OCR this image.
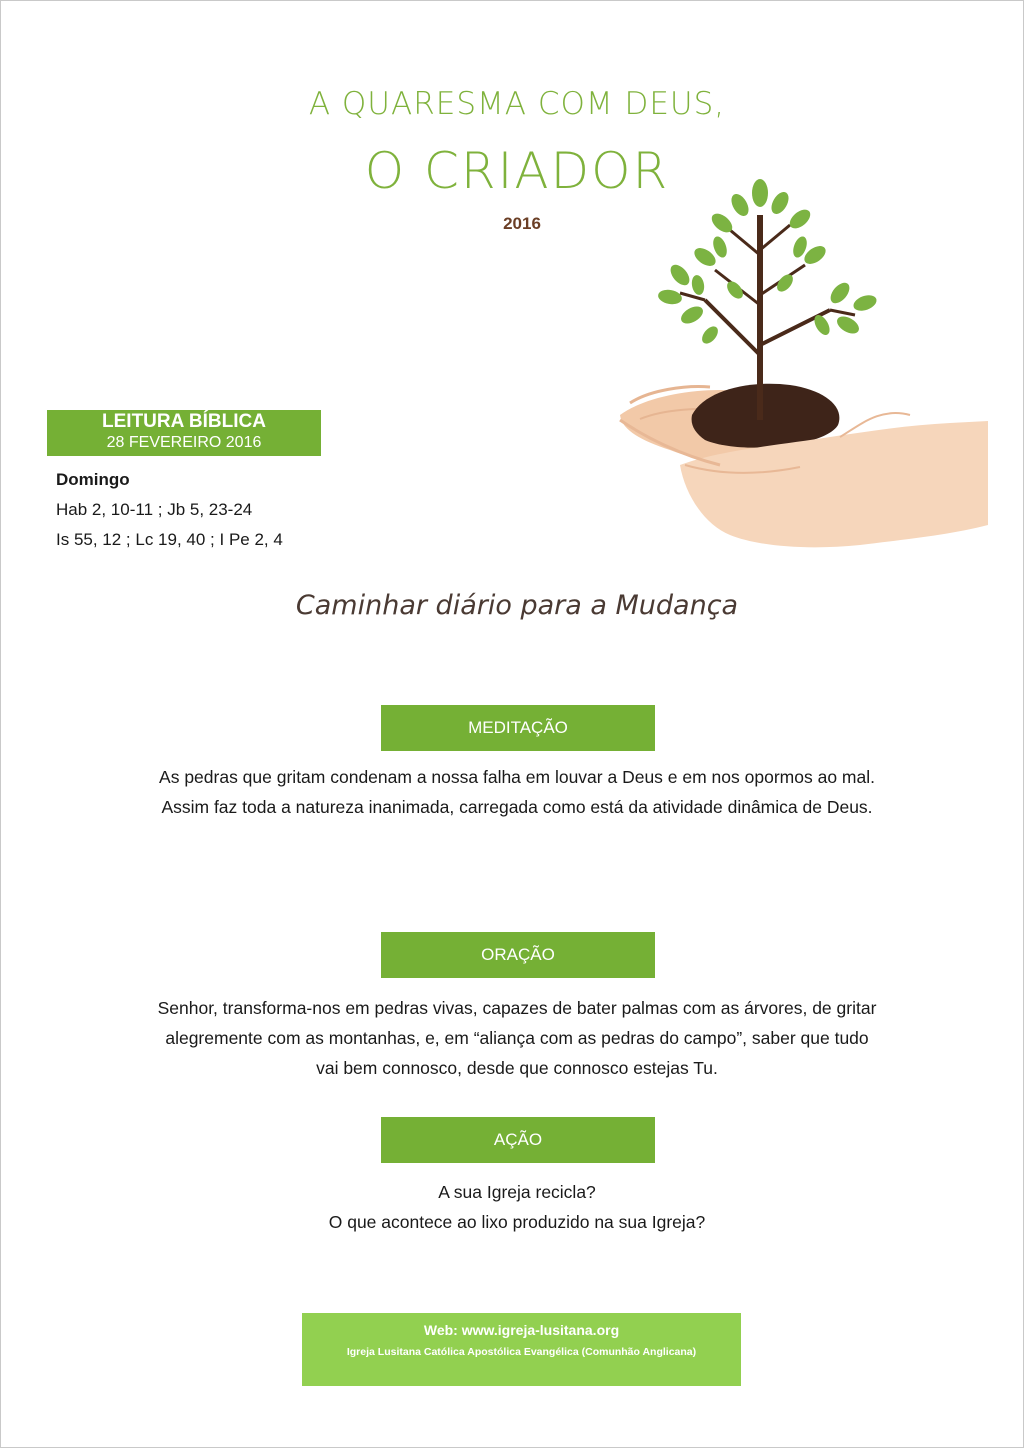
A QUARESMA COM DEUS,
O CRIADOR
2016
LEITURA BÍBLICA
28 FEVEREIRO 2016
Domingo
Hab 2, 10-11 ; Jb 5, 23-24
Is 55, 12 ; Lc 19, 40 ; I Pe 2, 4
Caminhar diário para a Mudança
MEDITAÇÃO
As pedras que gritam condenam a nossa falha em louvar a Deus e em nos opormos ao mal.
Assim faz toda a natureza inanimada, carregada como está da atividade dinâmica de Deus.
ORAÇÃO
Senhor, transforma-nos em pedras vivas, capazes de bater palmas com as árvores, de gritar
alegremente com as montanhas, e, em “aliança com as pedras do campo”, saber que tudo
vai bem connosco, desde que connosco estejas Tu.
AÇÃO
A sua Igreja recicla?
O que acontece ao lixo produzido na sua Igreja?
Web: www.igreja-lusitana.org
Igreja Lusitana Católica Apostólica Evangélica (Comunhão Anglicana)
